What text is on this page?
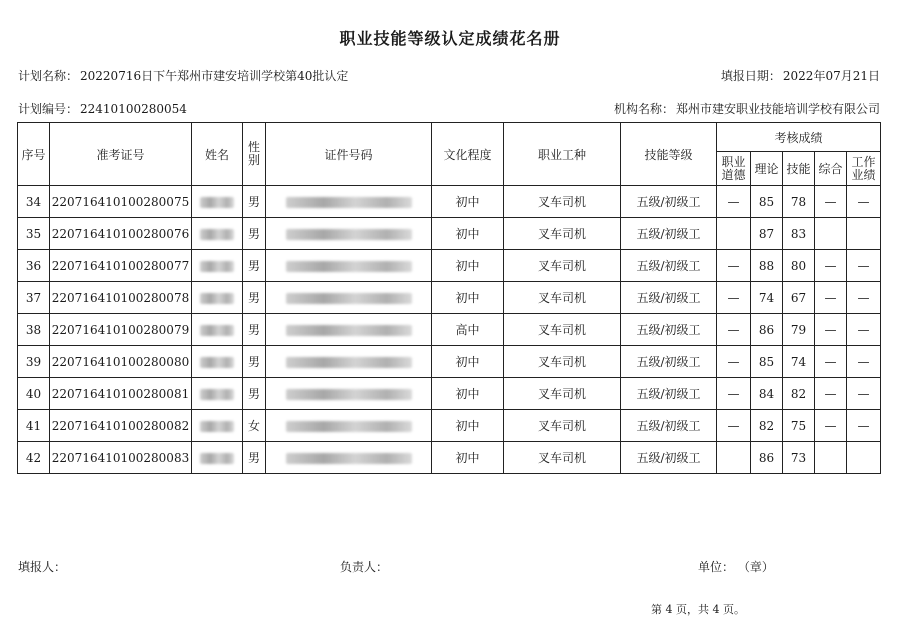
职业技能等级认定成绩花名册
计划名称： 20220716日下午郑州市建安培训学校第40批认定	填报日期： 2022年07月21日
计划编号： 22410100280054	机构名称： 郑州市建安职业技能培训学校有限公司
序号	准考证号	姓名	性别	证件号码	文化程度	职业工种	技能等级	考核成绩				
								职业道德	理论	技能	综合	工作业绩
34	220716410100280075		男		初中	叉车司机	五级/初级工	—	85	78	—	—
35	220716410100280076		男		初中	叉车司机	五级/初级工		87	83		
36	220716410100280077		男		初中	叉车司机	五级/初级工	—	88	80	—	—
37	220716410100280078		男		初中	叉车司机	五级/初级工	—	74	67	—	—
38	220716410100280079		男		高中	叉车司机	五级/初级工	—	86	79	—	—
39	220716410100280080		男		初中	叉车司机	五级/初级工	—	85	74	—	—
40	220716410100280081		男		初中	叉车司机	五级/初级工	—	84	82	—	—
41	220716410100280082		女		初中	叉车司机	五级/初级工	—	82	75	—	—
42	220716410100280083		男		初中	叉车司机	五级/初级工		86	73		
填报人：	负责人：	单位： （章）
第 4 页，共 4 页。
